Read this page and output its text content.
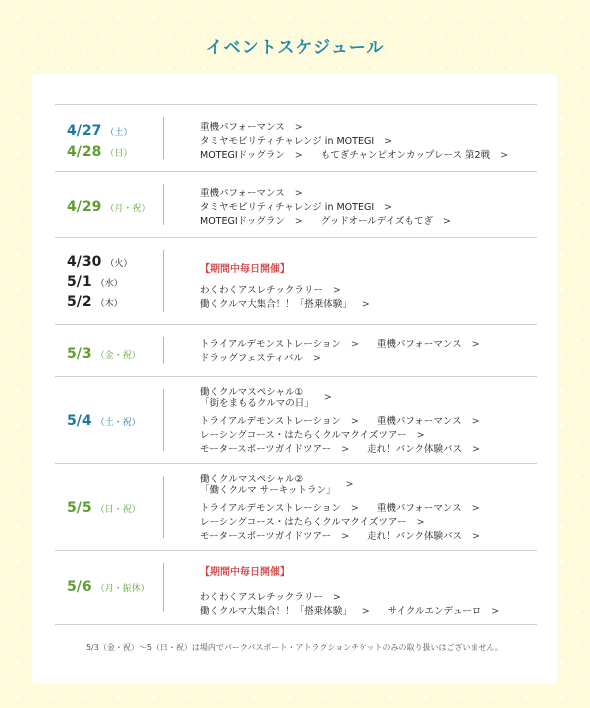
イベントスケジュール
4/27 （土）
4/28 （日）
重機パフォーマンス >
タミヤモビリティチャレンジ in MOTEGI >
MOTEGIドッグラン > もてぎチャンピオンカップレース 第2戦 >
4/29 （月・祝）
重機パフォーマンス >
タミヤモビリティチャレンジ in MOTEGI >
MOTEGIドッグラン > グッドオールデイズもてぎ >
4/30 （火）
5/1 （水）
5/2 （木）
【期間中毎日開催】
わくわくアスレチックラリー >
働くクルマ大集合！！「搭乗体験」 >
5/3 （金・祝）
トライアルデモンストレーション > 重機パフォーマンス >
ドラッグフェスティバル >
5/4 （土・祝）
働くクルマスペシャル①
「街をまもるクルマの日」
>
トライアルデモンストレーション > 重機パフォーマンス >
レーシングコース・はたらくクルマクイズツアー >
モータースポーツガイドツアー > 走れ！バンク体験バス >
5/5 （日・祝）
働くクルマスペシャル②
「働くクルマ サーキットラン」
>
トライアルデモンストレーション > 重機パフォーマンス >
レーシングコース・はたらくクルマクイズツアー >
モータースポーツガイドツアー > 走れ！バンク体験バス >
5/6 （月・振休）
【期間中毎日開催】
わくわくアスレチックラリー >
働くクルマ大集合！！「搭乗体験」 > サイクルエンデューロ >
5/3（金・祝）～5（日・祝）は場内でパークパスポート・アトラクションチケットのみの取り扱いはございません。
